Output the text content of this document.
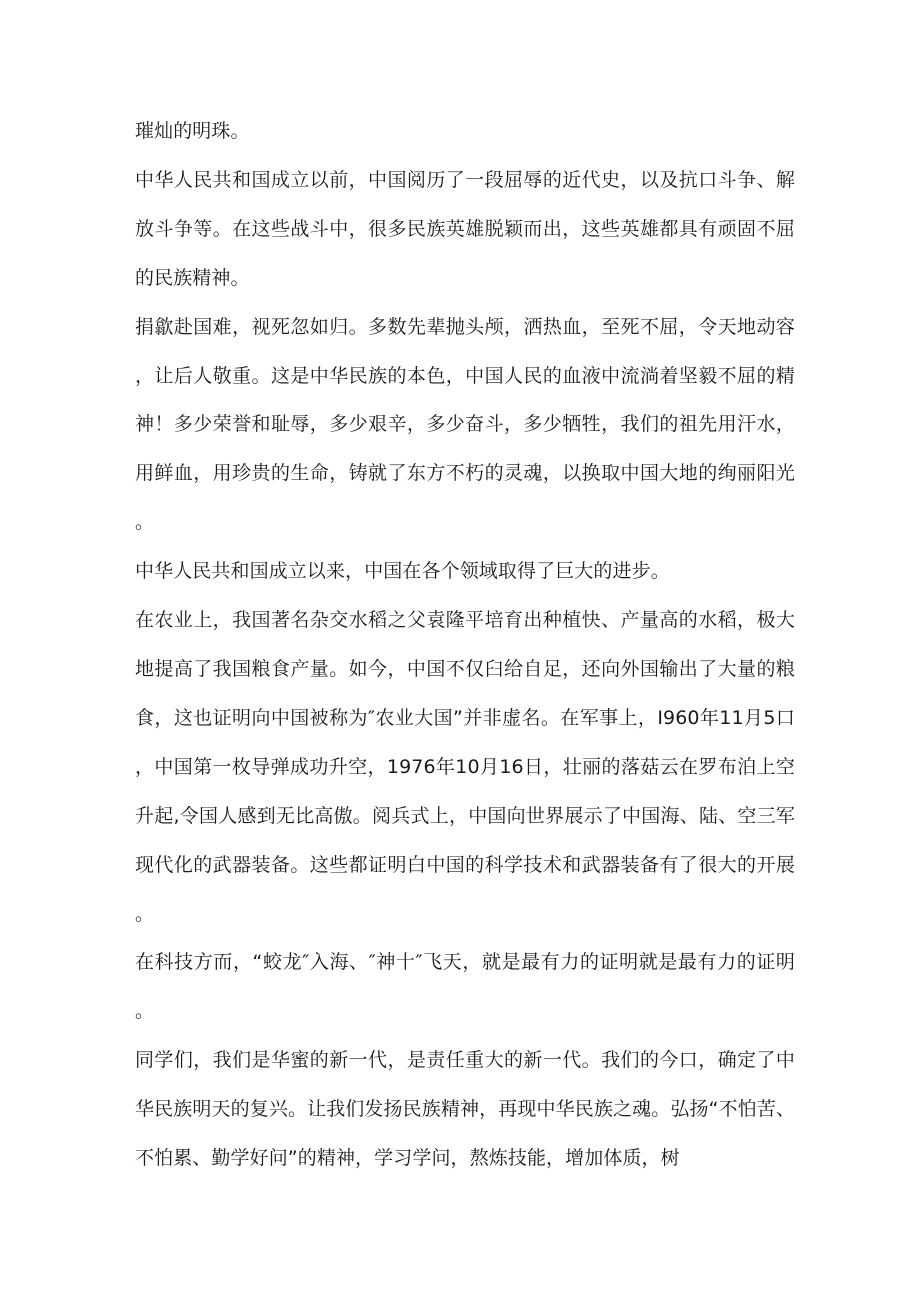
璀灿的明珠。

中华人民共和国成立以前，中国阅历了一段屈辱的近代史，以及抗口斗争、解放斗争等。在这些战斗中，很多民族英雄脱颖而出，这些英雄都具有顽固不屈的民族精神。

捐歙赴国难，视死忽如归。多数先辈抛头颅，洒热血，至死不屈，令天地动容，让后人敬重。这是中华民族的本色，中国人民的血液中流淌着坚毅不屈的精神！多少荣誉和耻辱，多少艰辛，多少奋斗，多少牺牲，我们的祖先用汗水，用鲜血，用珍贵的生命，铸就了东方不朽的灵魂，以换取中国大地的绚丽阳光。

中华人民共和国成立以来，中国在各个领域取得了巨大的进步。

在农业上，我国著名杂交水稻之父袁隆平培育出种植快、产量高的水稻，极大地提高了我国粮食产量。如今，中国不仅臼给自足，还向外国输出了大量的粮食，这也证明向中国被称为″农业大国”并非虚名。在军事上，I960年11月5口，中国第一枚导弹成功升空，1976年10月16日，壮丽的落菇云在罗布泊上空升起,令国人感到无比高傲。阅兵式上，中国向世界展示了中国海、陆、空三军现代化的武器装备。这些都证明白中国的科学技术和武器装备有了很大的开展。

在科技方而，“蛟龙″入海、″神十″飞天，就是最有力的证明就是最有力的证明。

同学们，我们是华蜜的新一代，是责任重大的新一代。我们的今口，确定了中华民族明天的复兴。让我们发扬民族精神，再现中华民族之魂。弘扬“不怕苦、不怕累、勤学好问”的精神，学习学问，熬炼技能，增加体质，树
